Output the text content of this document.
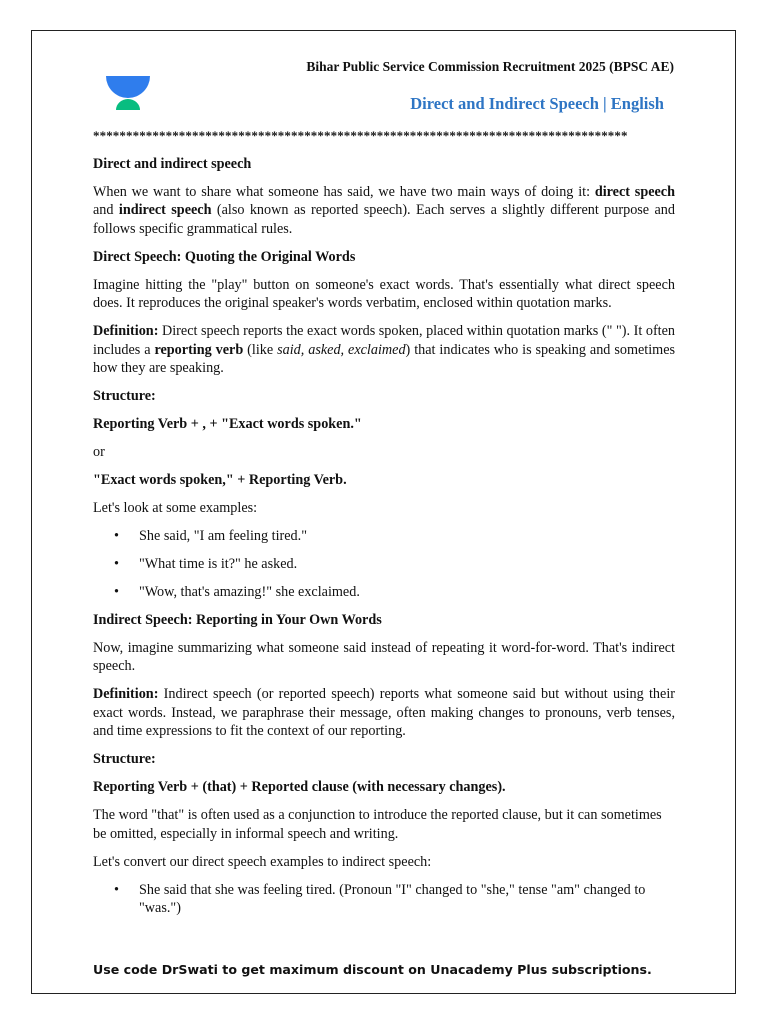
Bihar Public Service Commission Recruitment 2025 (BPSC AE)
Direct and Indirect Speech | English
*********************************************************************************

Direct and indirect speech

When we want to share what someone has said, we have two main ways of doing it: direct speech and indirect speech (also known as reported speech). Each serves a slightly different purpose and follows specific grammatical rules.

Direct Speech: Quoting the Original Words

Imagine hitting the "play" button on someone's exact words. That's essentially what direct speech does. It reproduces the original speaker's words verbatim, enclosed within quotation marks.

Definition: Direct speech reports the exact words spoken, placed within quotation marks (" "). It often includes a reporting verb (like said, asked, exclaimed) that indicates who is speaking and sometimes how they are speaking.

Structure:

Reporting Verb + , + "Exact words spoken."

or

"Exact words spoken," + Reporting Verb.

Let's look at some examples:

• She said, "I am feeling tired."
• "What time is it?" he asked.
• "Wow, that's amazing!" she exclaimed.

Indirect Speech: Reporting in Your Own Words

Now, imagine summarizing what someone said instead of repeating it word-for-word. That's indirect speech.

Definition: Indirect speech (or reported speech) reports what someone said but without using their exact words. Instead, we paraphrase their message, often making changes to pronouns, verb tenses, and time expressions to fit the context of our reporting.

Structure:

Reporting Verb + (that) + Reported clause (with necessary changes).

The word "that" is often used as a conjunction to introduce the reported clause, but it can sometimes be omitted, especially in informal speech and writing.

Let's convert our direct speech examples to indirect speech:

• She said that she was feeling tired. (Pronoun "I" changed to "she," tense "am" changed to "was.")
Use code DrSwati to get maximum discount on Unacademy Plus subscriptions.
